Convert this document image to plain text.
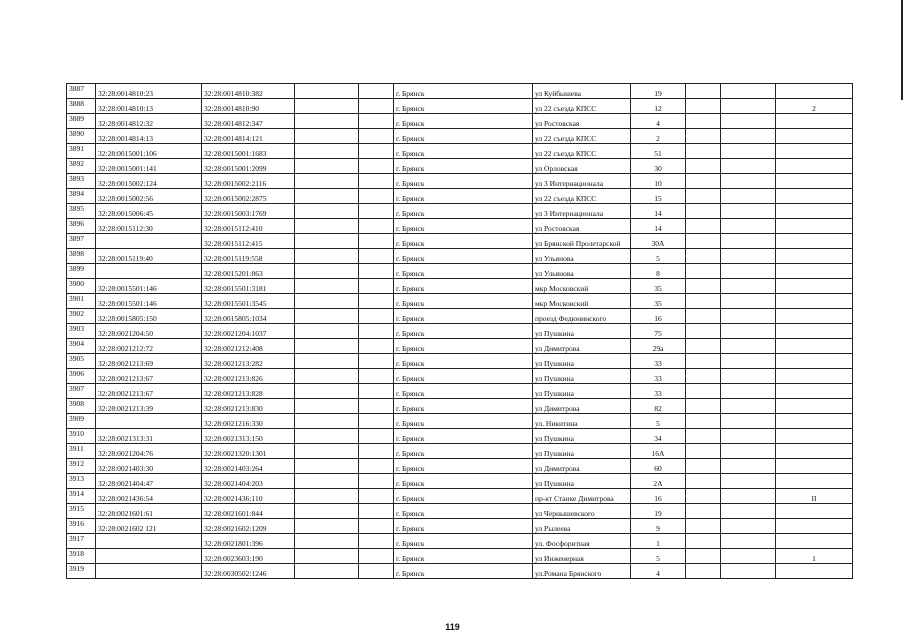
3887	32:28:0014810:23	32:28:0014810:382			г. Брянск	ул Куйбышева	19			
3888	32:28:0014810:13	32:28:0014810:90			г. Брянск	ул 22 съезда КПСС	12			2
3889	32:28:0014812:32	32:28:0014812:347			г. Брянск	ул Ростовская	4			
3890	32:28:0014814:13	32:28:0014814:121			г. Брянск	ул 22 съезда КПСС	2			
3891	32:28:0015001:106	32:28:0015001:1683			г. Брянск	ул 22 съезда КПСС	51			
3892	32:28:0015001:141	32:28:0015001:2099			г. Брянск	ул Орловская	30			
3893	32:28:0015002:124	32:28:0015002:2116			г. Брянск	ул 3 Интернационала	10			
3894	32:28:0015002:56	32:28:0015002:2875			г. Брянск	ул 22 съезда КПСС	15			
3895	32:28:0015006:45	32:28:0015003:1769			г. Брянск	ул 3 Интернационала	14			
3896	32:28:0015112:30	32:28:0015112:410			г. Брянск	ул Ростовская	14			
3897		32:28:0015112:415			г. Брянск	ул Брянской Пролетарской	30А			
3898	32:28:0015119:40	32:28:0015119:558			г. Брянск	ул Ульянова	5			
3899		32:28:0015201:863			г. Брянск	ул Ульянова	8			
3900	32:28:0015501:146	32:28:0015501:3181			г. Брянск	мкр Московский	35			
3901	32:28:0015501:146	32:28:0015501:3545			г. Брянск	мкр Московский	35			
3902	32:28:0015805:150	32:28:0015805:1034			г. Брянск	проезд Федюнинского	16			
3903	32:28:0021204:50	32:28:0021204:1037			г. Брянск	ул Пушкина	75			
3904	32:28:0021212:72	32:28:0021212:408			г. Брянск	ул Димитрова	29а			
3905	32:28:0021213:69	32:28:0021213:282			г. Брянск	ул Пушкина	33			
3906	32:28:0021213:67	32:28:0021213:826			г. Брянск	ул Пушкина	33			
3907	32:28:0021213:67	32:28:0021213:828			г. Брянск	ул Пушкина	33			
3908	32:28:0021213:39	32:28:0021213:830			г. Брянск	ул Димитрова	82			
3909		32:28:0021216:330			г. Брянск	ул. Никитина	5			
3910	32:28:0021313:31	32:28:0021313:150			г. Брянск	ул Пушкина	34			
3911	32:28:0021204:76	32:28:0021320:1301			г. Брянск	ул Пушкина	16А			
3912	32:28:0021403:30	32:28:0021403:264			г. Брянск	ул Димитрова	60			
3913	32:28:0021404:47	32:28:0021404:203			г. Брянск	ул Пушкина	2А			
3914	32:28:0021436:54	32:28:0021436:110			г. Брянск	пр-кт Станке Димитрова	16			II
3915	32:28:0021601:61	32:28:0021601:844			г. Брянск	ул Чернышевского	19			
3916	32:28:0021602 121	32:28:0021602:1209			г. Брянск	ул Рылеева	9			
3917		32:28:0021801:396			г. Брянск	ул. Фосфоритная	1			
3918		32:28:0023603:190			г. Брянск	ул Инженерная	5			1
3919		32:28:0030502:1246			г. Брянск	ул.Романа Брянского	4			
119
